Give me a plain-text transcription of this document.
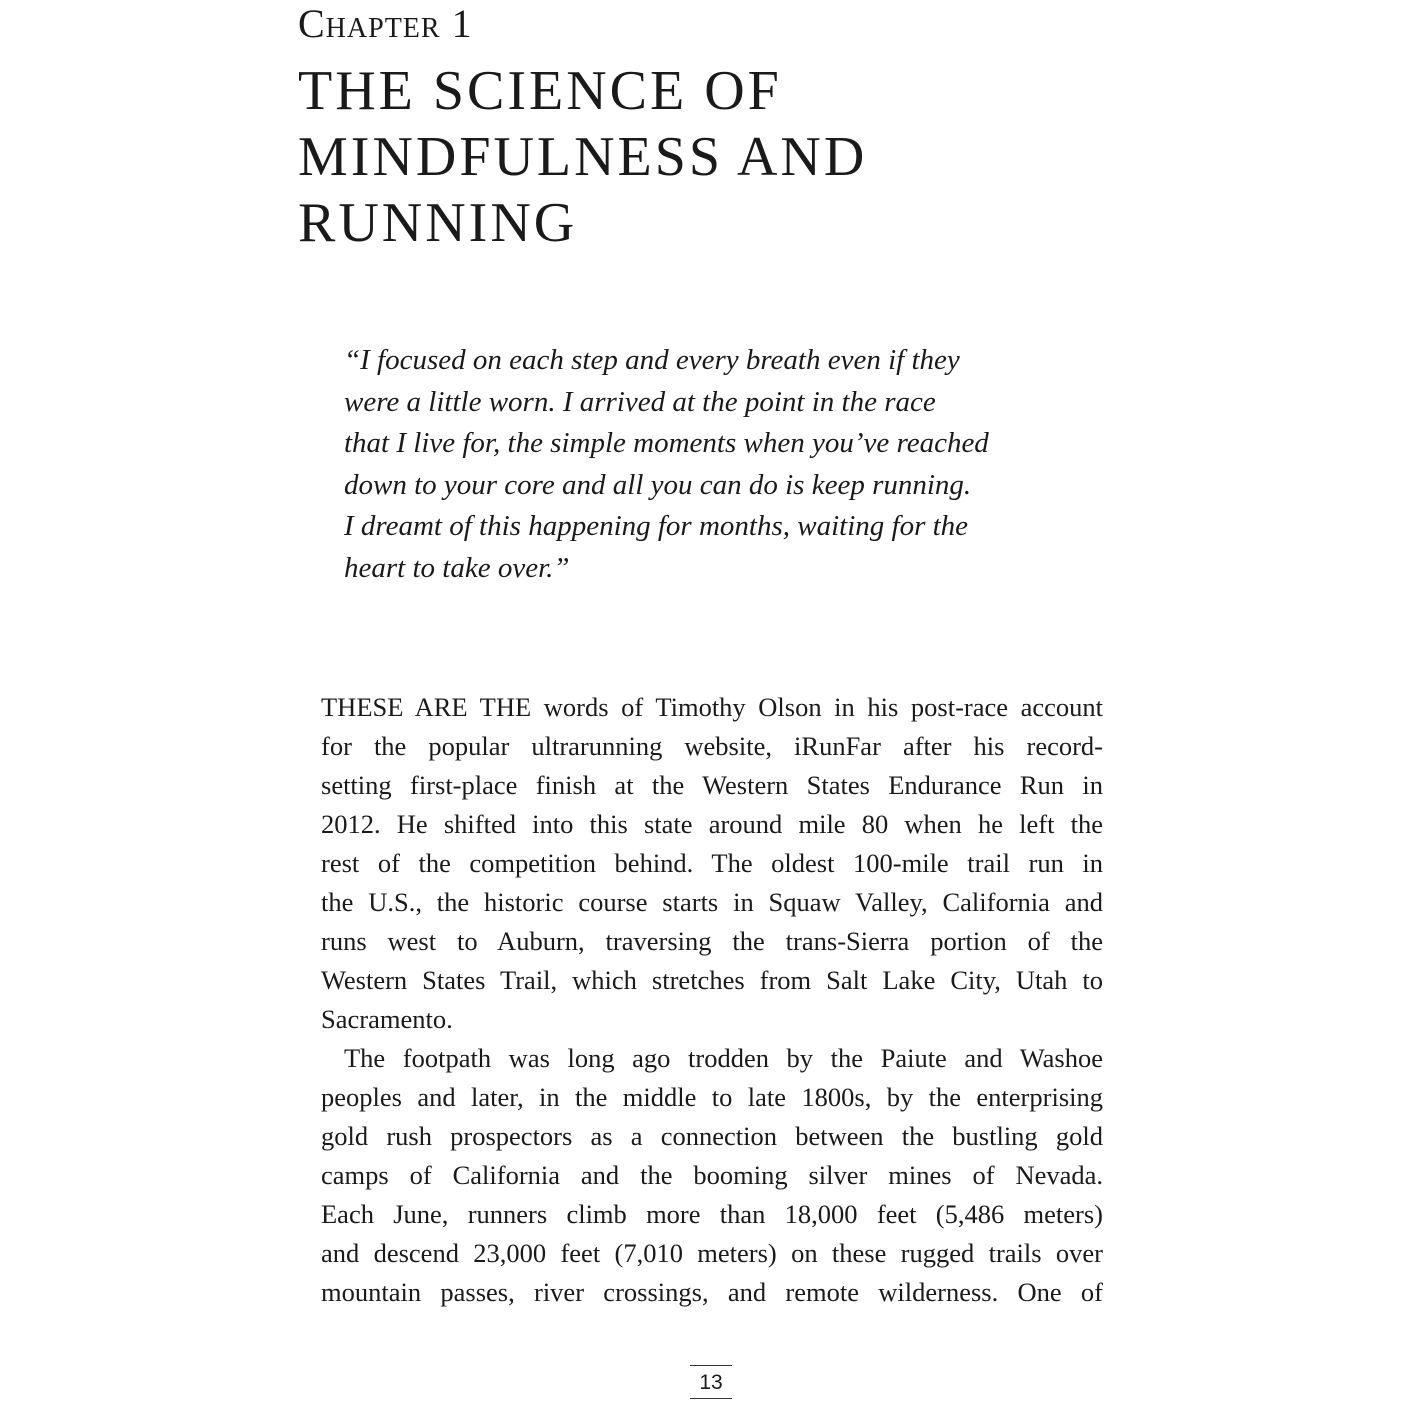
Chapter 1
THE SCIENCE OF
MINDFULNESS AND
RUNNING
“I focused on each step and every breath even if they
were a little worn. I arrived at the point in the race
that I live for, the simple moments when you’ve reached
down to your core and all you can do is keep running.
I dreamt of this happening for months, waiting for the
heart to take over.”
THESE ARE THE words of Timothy Olson in his post-race account
for the popular ultrarunning website, iRunFar after his record-
setting first-place finish at the Western States Endurance Run in
2012. He shifted into this state around mile 80 when he left the
rest of the competition behind. The oldest 100-mile trail run in
the U.S., the historic course starts in Squaw Valley, California and
runs west to Auburn, traversing the trans-Sierra portion of the
Western States Trail, which stretches from Salt Lake City, Utah to
Sacramento.
The footpath was long ago trodden by the Paiute and Washoe
peoples and later, in the middle to late 1800s, by the enterprising
gold rush prospectors as a connection between the bustling gold
camps of California and the booming silver mines of Nevada.
Each June, runners climb more than 18,000 feet (5,486 meters)
and descend 23,000 feet (7,010 meters) on these rugged trails over
mountain passes, river crossings, and remote wilderness. One of
13
